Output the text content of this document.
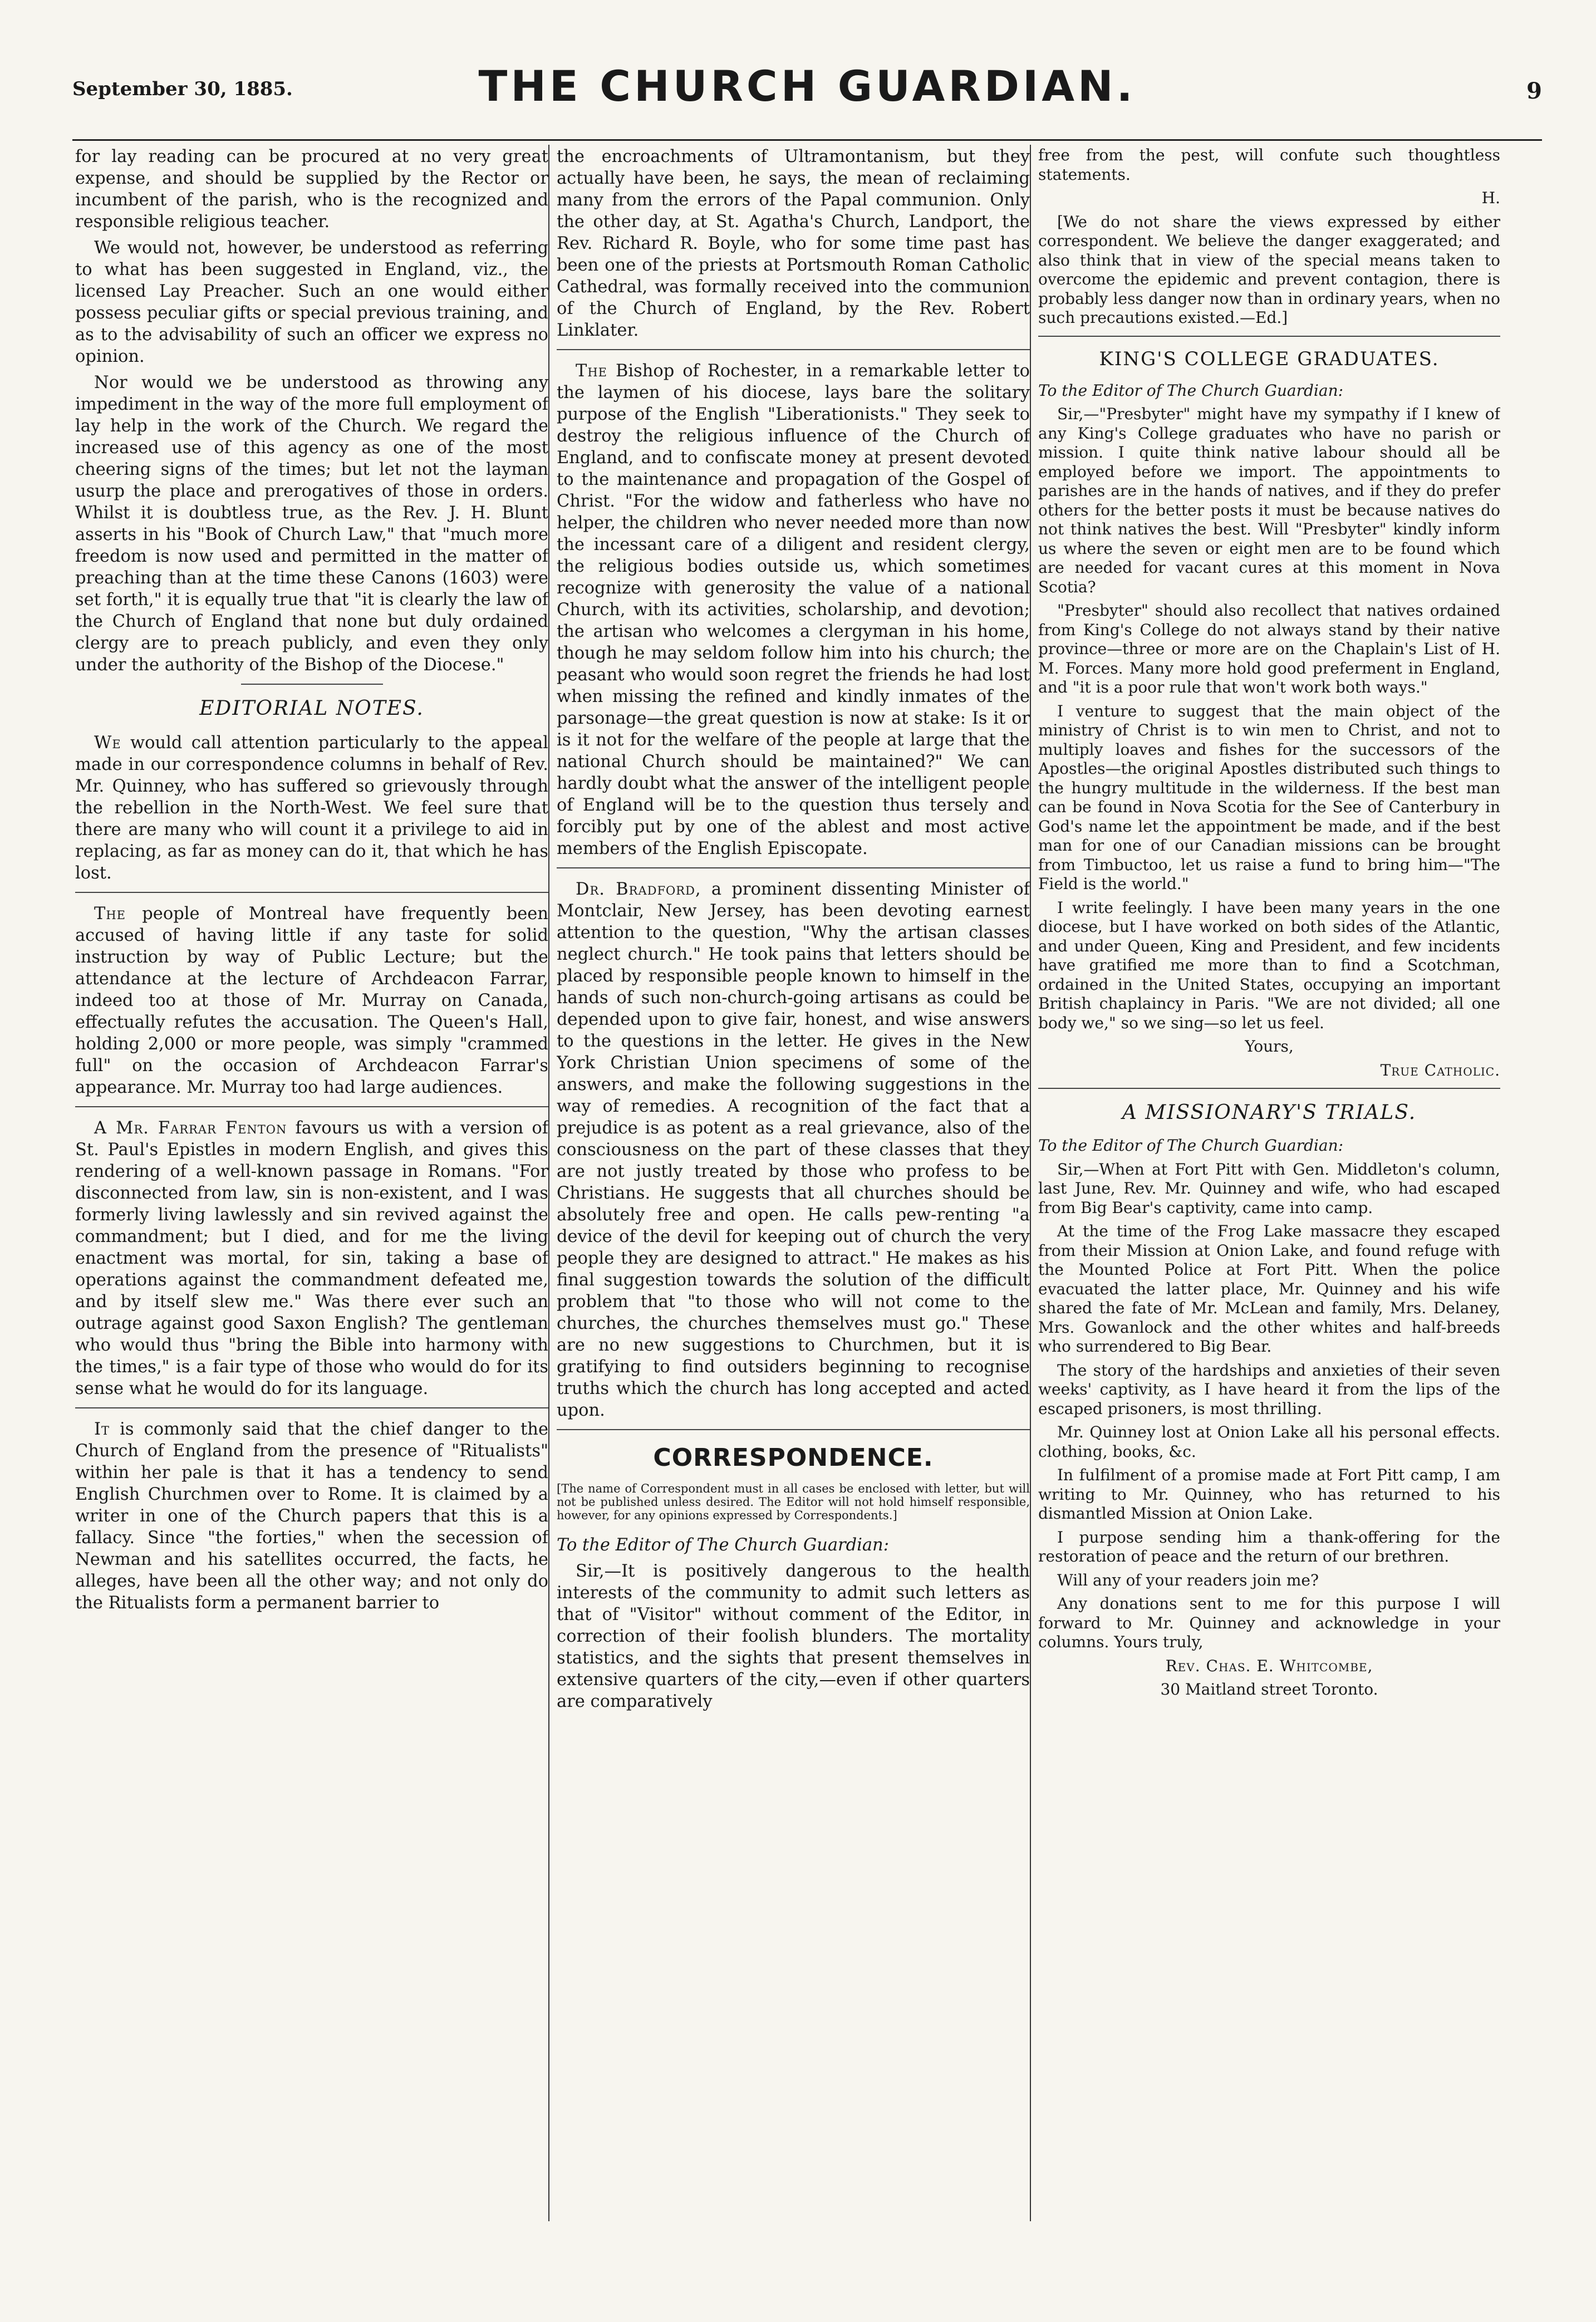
September 30, 1885.	THE CHURCH GUARDIAN.	9

for lay reading can be procured at no very great expense, and should be supplied by the Rector or incumbent of the parish, who is the recognized and responsible religious teacher.

We would not, however, be understood as referring to what has been suggested in England, viz., the licensed Lay Preacher. Such an one would either possess peculiar gifts or special previous training, and as to the advisability of such an officer we express no opinion.

Nor would we be understood as throwing any impediment in the way of the more full employment of lay help in the work of the Church. We regard the increased use of this agency as one of the most cheering signs of the times; but let not the layman usurp the place and prerogatives of those in orders. Whilst it is doubtless true, as the Rev. J. H. Blunt asserts in his "Book of Church Law," that "much more freedom is now used and permitted in the matter of preaching than at the time these Canons (1603) were set forth," it is equally true that "it is clearly the law of the Church of England that none but duly ordained clergy are to preach publicly, and even they only under the authority of the Bishop of the Diocese."

EDITORIAL NOTES.

We would call attention particularly to the appeal made in our correspondence columns in behalf of Rev. Mr. Quinney, who has suffered so grievously through the rebellion in the North-West. We feel sure that there are many who will count it a privilege to aid in replacing, as far as money can do it, that which he has lost.

The people of Montreal have frequently been accused of having little if any taste for solid instruction by way of Public Lecture; but the attendance at the lecture of Archdeacon Farrar, indeed too at those of Mr. Murray on Canada, effectually refutes the accusation. The Queen's Hall, holding 2,000 or more people, was simply "crammed full" on the occasion of Archdeacon Farrar's appearance. Mr. Murray too had large audiences.

A Mr. Farrar Fenton favours us with a version of St. Paul's Epistles in modern English, and gives this rendering of a well-known passage in Romans. "For disconnected from law, sin is non-existent, and I was formerly living lawlessly and sin revived against the commandment; but I died, and for me the living enactment was mortal, for sin, taking a base of operations against the commandment defeated me, and by itself slew me." Was there ever such an outrage against good Saxon English? The gentleman who would thus "bring the Bible into harmony with the times," is a fair type of those who would do for its sense what he would do for its language.

It is commonly said that the chief danger to the Church of England from the presence of "Ritualists" within her pale is that it has a tendency to send English Churchmen over to Rome. It is claimed by a writer in one of the Church papers that this is a fallacy. Since "the forties," when the secession of Newman and his satellites occurred, the facts, he alleges, have been all the other way; and not only do the Ritualists form a permanent barrier to

the encroachments of Ultramontanism, but they actually have been, he says, the mean of reclaiming many from the errors of the Papal communion. Only the other day, at St. Agatha's Church, Landport, the Rev. Richard R. Boyle, who for some time past has been one of the priests at Portsmouth Roman Catholic Cathedral, was formally received into the communion of the Church of England, by the Rev. Robert Linklater.

The Bishop of Rochester, in a remarkable letter to the laymen of his diocese, lays bare the solitary purpose of the English "Liberationists." They seek to destroy the religious influence of the Church of England, and to confiscate money at present devoted to the maintenance and propagation of the Gospel of Christ. "For the widow and fatherless who have no helper, the children who never needed more than now the incessant care of a diligent and resident clergy, the religious bodies outside us, which sometimes recognize with generosity the value of a national Church, with its activities, scholarship, and devotion; the artisan who welcomes a clergyman in his home, though he may seldom follow him into his church; the peasant who would soon regret the friends he had lost when missing the refined and kindly inmates of the parsonage—the great question is now at stake: Is it or is it not for the welfare of the people at large that the national Church should be maintained?" We can hardly doubt what the answer of the intelligent people of England will be to the question thus tersely and forcibly put by one of the ablest and most active members of the English Episcopate.

Dr. Bradford, a prominent dissenting Minister of Montclair, New Jersey, has been devoting earnest attention to the question, "Why the artisan classes neglect church." He took pains that letters should be placed by responsible people known to himself in the hands of such non-church-going artisans as could be depended upon to give fair, honest, and wise answers to the questions in the letter. He gives in the New York Christian Union specimens of some of the answers, and make the following suggestions in the way of remedies. A recognition of the fact that a prejudice is as potent as a real grievance, also of the consciousness on the part of these classes that they are not justly treated by those who profess to be Christians. He suggests that all churches should be absolutely free and open. He calls pew-renting "a device of the devil for keeping out of church the very people they are designed to attract." He makes as his final suggestion towards the solution of the difficult problem that "to those who will not come to the churches, the churches themselves must go." These are no new suggestions to Churchmen, but it is gratifying to find outsiders beginning to recognise truths which the church has long accepted and acted upon.

CORRESPONDENCE.

[The name of Correspondent must in all cases be enclosed with letter, but will not be published unless desired. The Editor will not hold himself responsible, however, for any opinions expressed by Correspondents.]

To the Editor of The Church Guardian:

Sir,—It is positively dangerous to the health interests of the community to admit such letters as that of "Visitor" without comment of the Editor, in correction of their foolish blunders. The mortality statistics, and the sights that present themselves in extensive quarters of the city,—even if other quarters are comparatively

free from the pest, will confute such thoughtless statements.

H.

[We do not share the views expressed by either correspondent. We believe the danger exaggerated; and also think that in view of the special means taken to overcome the epidemic and prevent contagion, there is probably less danger now than in ordinary years, when no such precautions existed.—Ed.]

KING'S COLLEGE GRADUATES.

To the Editor of The Church Guardian:

Sir,—"Presbyter" might have my sympathy if I knew of any King's College graduates who have no parish or mission. I quite think native labour should all be employed before we import. The appointments to parishes are in the hands of natives, and if they do prefer others for the better posts it must be because natives do not think natives the best. Will "Presbyter" kindly inform us where the seven or eight men are to be found which are needed for vacant cures at this moment in Nova Scotia?

"Presbyter" should also recollect that natives ordained from King's College do not always stand by their native province—three or more are on the Chaplain's List of H. M. Forces. Many more hold good preferment in England, and "it is a poor rule that won't work both ways."

I venture to suggest that the main object of the ministry of Christ is to win men to Christ, and not to multiply loaves and fishes for the successors of the Apostles—the original Apostles distributed such things to the hungry multitude in the wilderness. If the best man can be found in Nova Scotia for the See of Canterbury in God's name let the appointment be made, and if the best man for one of our Canadian missions can be brought from Timbuctoo, let us raise a fund to bring him—"The Field is the world."

I write feelingly. I have been many years in the one diocese, but I have worked on both sides of the Atlantic, and under Queen, King and President, and few incidents have gratified me more than to find a Scotchman, ordained in the United States, occupying an important British chaplaincy in Paris. "We are not divided; all one body we," so we sing—so let us feel.

Yours,

True Catholic.

A MISSIONARY'S TRIALS.

To the Editor of The Church Guardian:

Sir,—When at Fort Pitt with Gen. Middleton's column, last June, Rev. Mr. Quinney and wife, who had escaped from Big Bear's captivity, came into camp.

At the time of the Frog Lake massacre they escaped from their Mission at Onion Lake, and found refuge with the Mounted Police at Fort Pitt. When the police evacuated the latter place, Mr. Quinney and his wife shared the fate of Mr. McLean and family, Mrs. Delaney, Mrs. Gowanlock and the other whites and half-breeds who surrendered to Big Bear.

The story of the hardships and anxieties of their seven weeks' captivity, as I have heard it from the lips of the escaped prisoners, is most thrilling.

Mr. Quinney lost at Onion Lake all his personal effects. clothing, books, &c.

In fulfilment of a promise made at Fort Pitt camp, I am writing to Mr. Quinney, who has returned to his dismantled Mission at Onion Lake.

I purpose sending him a thank-offering for the restoration of peace and the return of our brethren.

Will any of your readers join me?

Any donations sent to me for this purpose I will forward to Mr. Quinney and acknowledge in your columns. Yours truly,

Rev. Chas. E. Whitcombe,

30 Maitland street Toronto.
